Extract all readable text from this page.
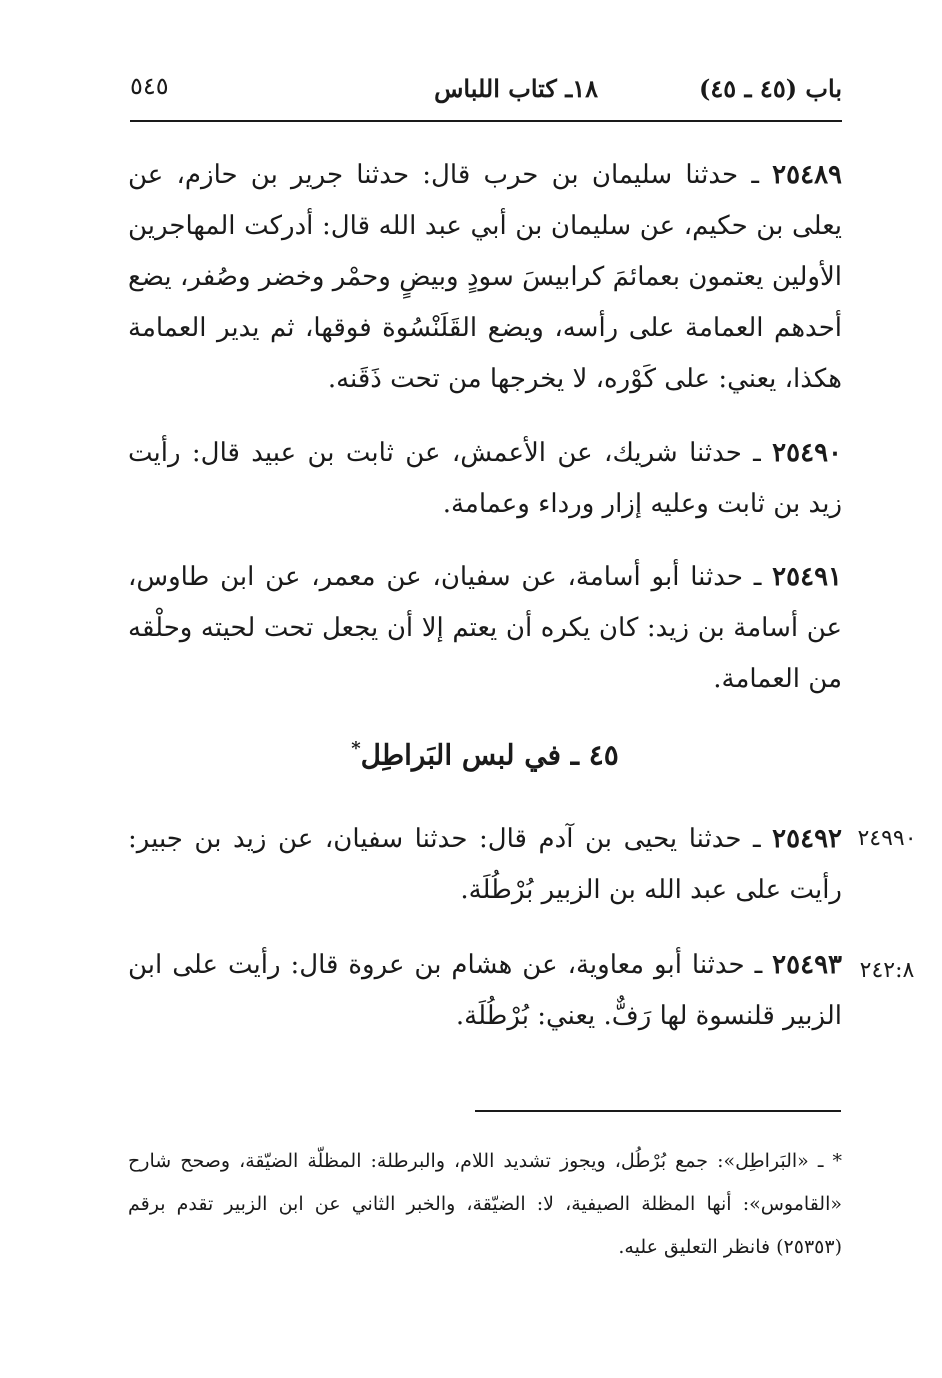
باب (٤٥ ـ ٤٥)
١٨ـ كتاب اللباس
٥٤٥

٢٥٤٨٩ ـ حدثنا سليمان بن حرب قال: حدثنا جرير بن حازم، عن يعلى بن حكيم، عن سليمان بن أبي عبد الله قال: أدركت المهاجرين الأولين يعتمون بعمائمَ كرابيسَ سودٍ وبيضٍ وحمْر وخضر وصُفر، يضع أحدهم العمامة على رأسه، ويضع القَلَنْسُوة فوقها، ثم يدير العمامة هكذا، يعني: على كَوْره، لا يخرجها من تحت ذَقَنه.

٢٥٤٩٠ ـ حدثنا شريك، عن الأعمش، عن ثابت بن عبيد قال: رأيت زيد بن ثابت وعليه إزار ورداء وعمامة.

٢٥٤٩١ ـ حدثنا أبو أسامة، عن سفيان، عن معمر، عن ابن طاوس، عن أسامة بن زيد: كان يكره أن يعتم إلا أن يجعل تحت لحيته وحلْقه من العمامة.

٤٥ ـ في لبس البَراطِل*
٢٤٩٩٠

٢٥٤٩٢ ـ حدثنا يحيى بن آدم قال: حدثنا سفيان، عن زيد بن جبير: رأيت على عبد الله بن الزبير بُرْطُلَة.

٢٤٢:٨

٢٥٤٩٣ ـ حدثنا أبو معاوية، عن هشام بن عروة قال: رأيت على ابن الزبير قلنسوة لها رَفٌّ. يعني: بُرْطُلَة.

* ـ «البَراطِل»: جمع بُرْطُل، ويجوز تشديد اللام، والبرطلة: المظلّة الضيّقة، وصحح شارح «القاموس»: أنها المظلة الصيفية، لا: الضيّقة، والخبر الثاني عن ابن الزبير تقدم برقم (٢٥٣٥٣) فانظر التعليق عليه.
